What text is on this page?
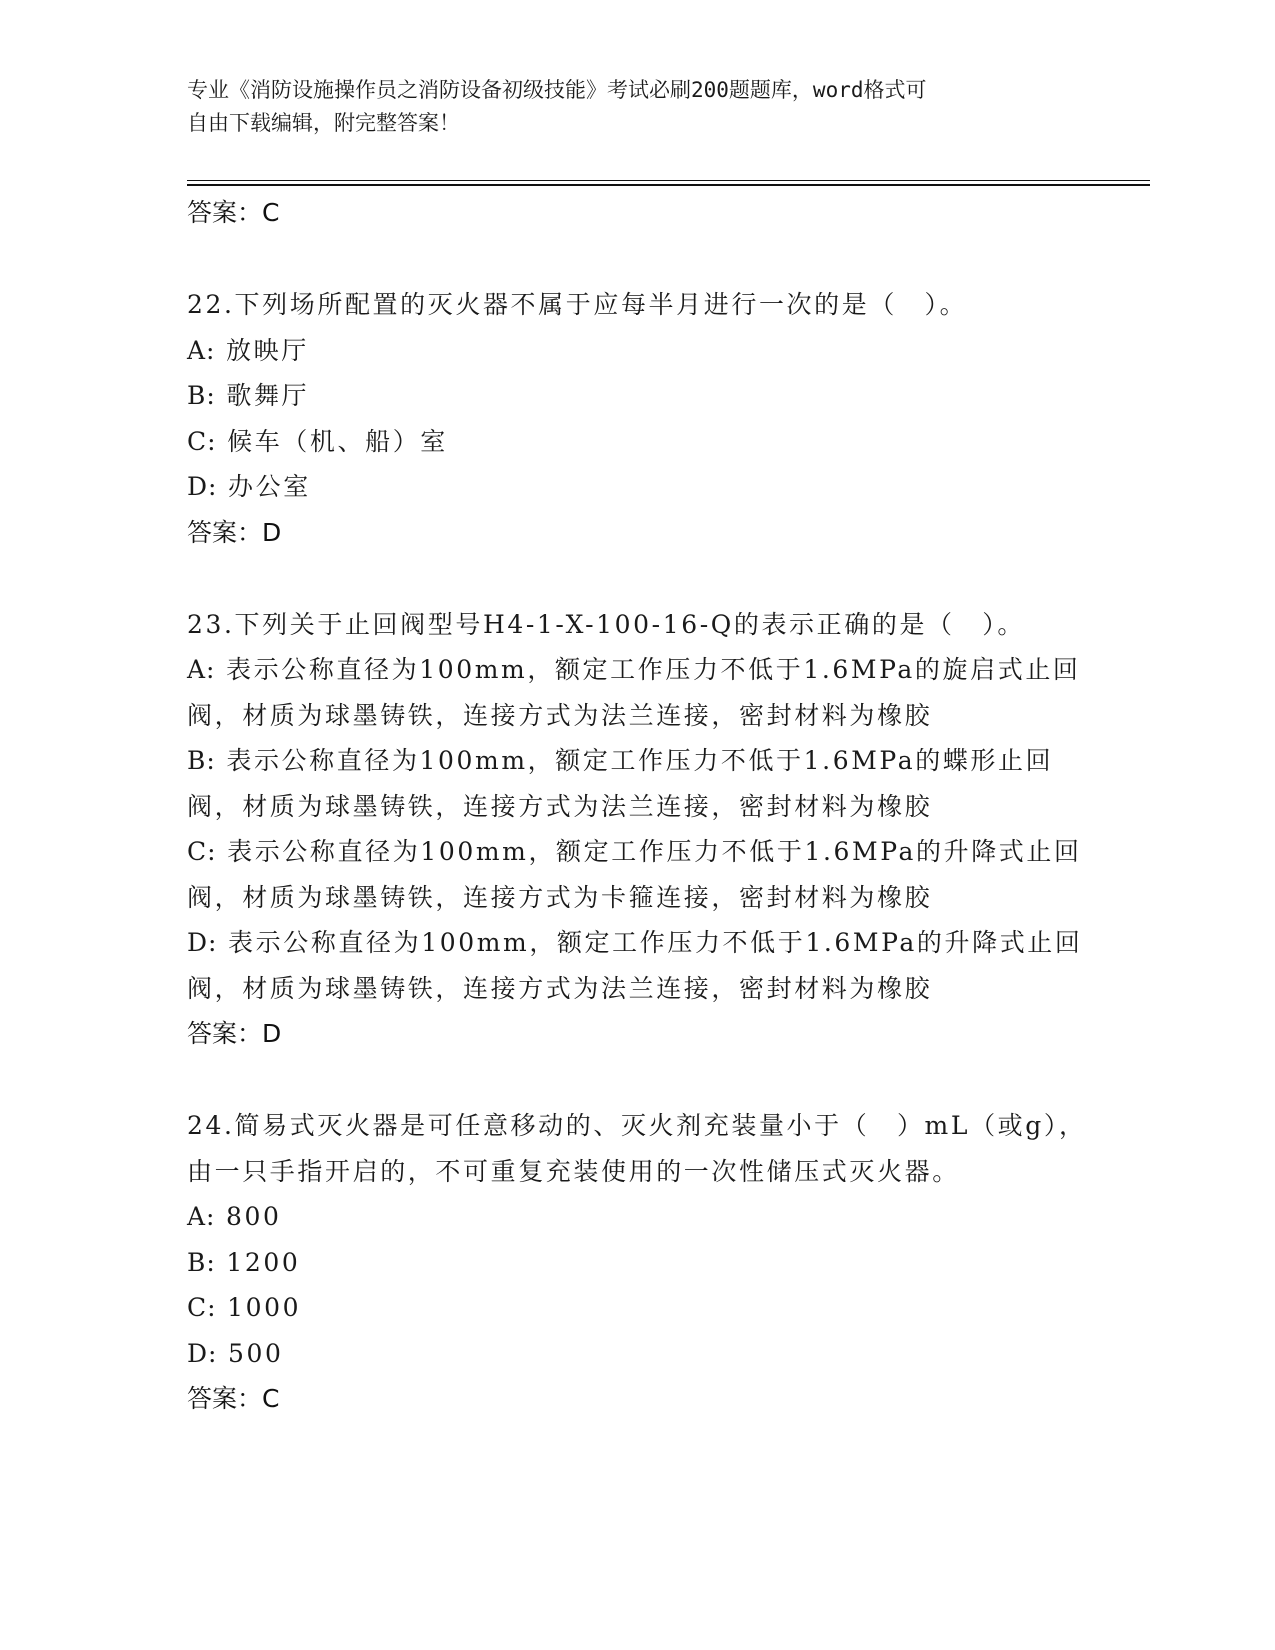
专业《消防设施操作员之消防设备初级技能》考试必刷200题题库，word格式可
自由下载编辑，附完整答案！
答案：C
22.下列场所配置的灭火器不属于应每半月进行一次的是（　）。
A: 放映厅
B: 歌舞厅
C: 候车（机、船）室
D: 办公室
答案：D
23.下列关于止回阀型号H4-1-X-100-16-Q的表示正确的是（　）。
A: 表示公称直径为100mm，额定工作压力不低于1.6MPa的旋启式止回阀，材质为球墨铸铁，连接方式为法兰连接，密封材料为橡胶
B: 表示公称直径为100mm，额定工作压力不低于1.6MPa的蝶形止回阀，材质为球墨铸铁，连接方式为法兰连接，密封材料为橡胶
C: 表示公称直径为100mm，额定工作压力不低于1.6MPa的升降式止回阀，材质为球墨铸铁，连接方式为卡箍连接，密封材料为橡胶
D: 表示公称直径为100mm，额定工作压力不低于1.6MPa的升降式止回阀，材质为球墨铸铁，连接方式为法兰连接，密封材料为橡胶
答案：D
24.简易式灭火器是可任意移动的、灭火剂充装量小于（　）mL（或g），由一只手指开启的，不可重复充装使用的一次性储压式灭火器。
A: 800
B: 1200
C: 1000
D: 500
答案：C
